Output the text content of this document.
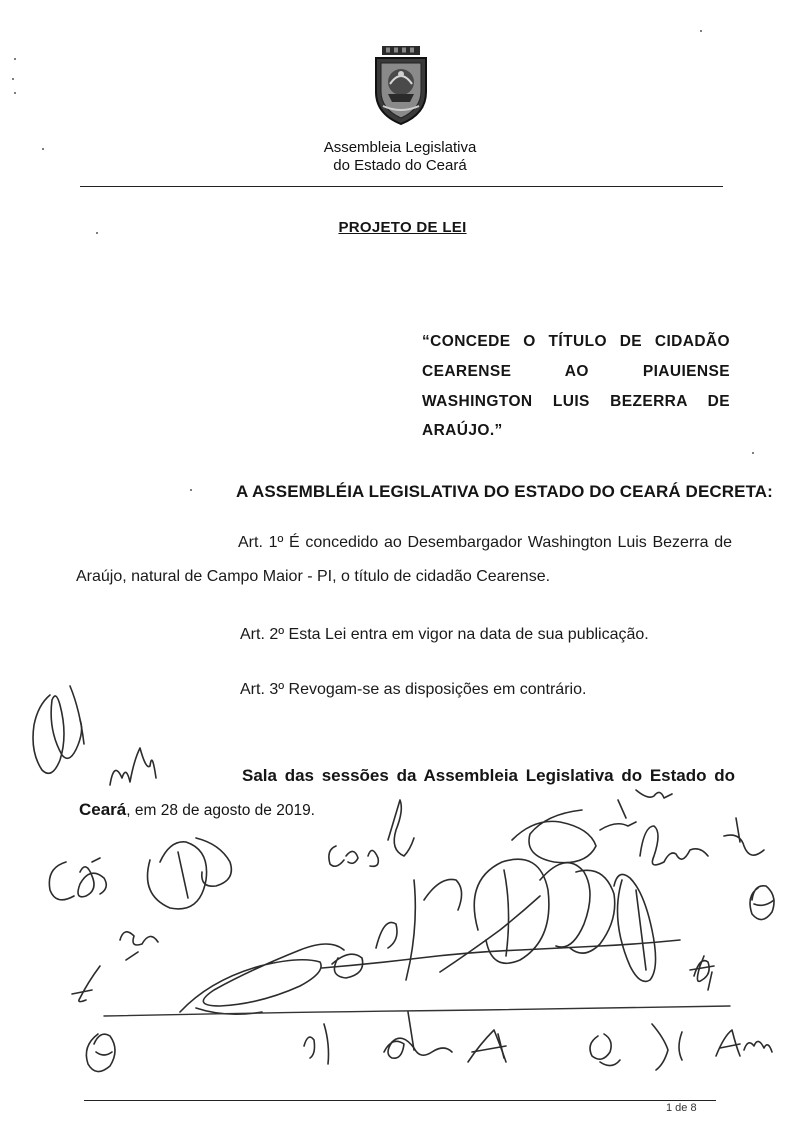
Assembleia Legislativa
do Estado do Ceará
PROJETO DE LEI
“CONCEDE O TÍTULO DE CIDADÃO
CEARENSE AO PIAUIENSE
WASHINGTON LUIS BEZERRA DE
ARAÚJO.”
A ASSEMBLÉIA LEGISLATIVA DO ESTADO DO CEARÁ DECRETA:
Art. 1º É concedido ao Desembargador Washington Luis Bezerra de
Araújo, natural de Campo Maior - PI, o título de cidadão Cearense.
Art. 2º Esta Lei entra em vigor na data de sua publicação.
Art. 3º Revogam-se as disposições em contrário.
Sala das sessões da Assembleia Legislativa do Estado do
Ceará, em 28 de agosto de 2019.
1 de 8
